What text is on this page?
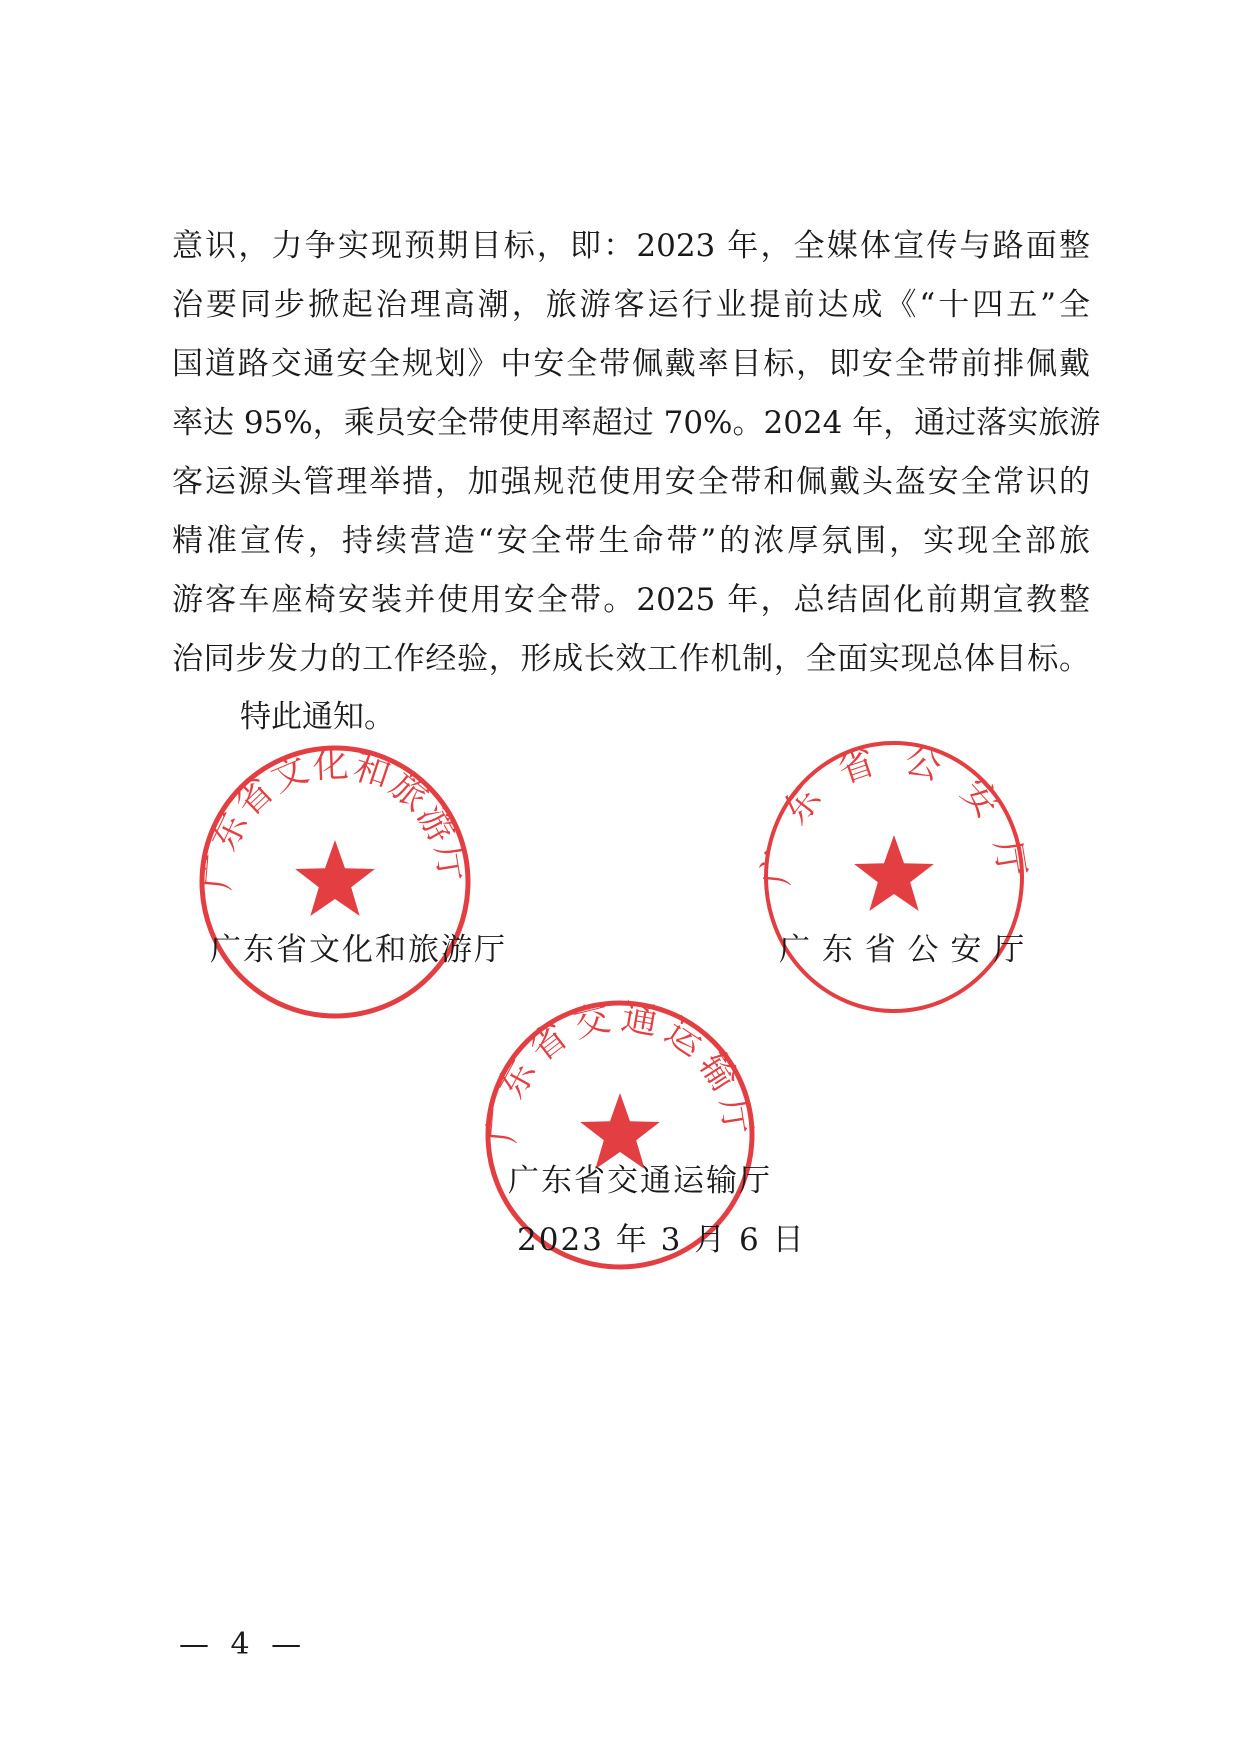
意识，力争实现预期目标，即：2023 年，全媒体宣传与路面整
治要同步掀起治理高潮，旅游客运行业提前达成《“十四五”全
国道路交通安全规划》中安全带佩戴率目标，即安全带前排佩戴
率达 95%，乘员安全带使用率超过 70%。2024 年，通过落实旅游
客运源头管理举措，加强规范使用安全带和佩戴头盔安全常识的
精准宣传，持续营造“安全带生命带”的浓厚氛围，实现全部旅
游客车座椅安装并使用安全带。2025 年，总结固化前期宣教整
治同步发力的工作经验，形成长效工作机制，全面实现总体目标。
特此通知。
广东省文化和旅游厅	广东省公安厅
广东省交通运输厅
广东省文化和旅游厅	广 东 省 公 安 厅
广东省交通运输厅
2023 年 3 月 6 日
— 4 —
